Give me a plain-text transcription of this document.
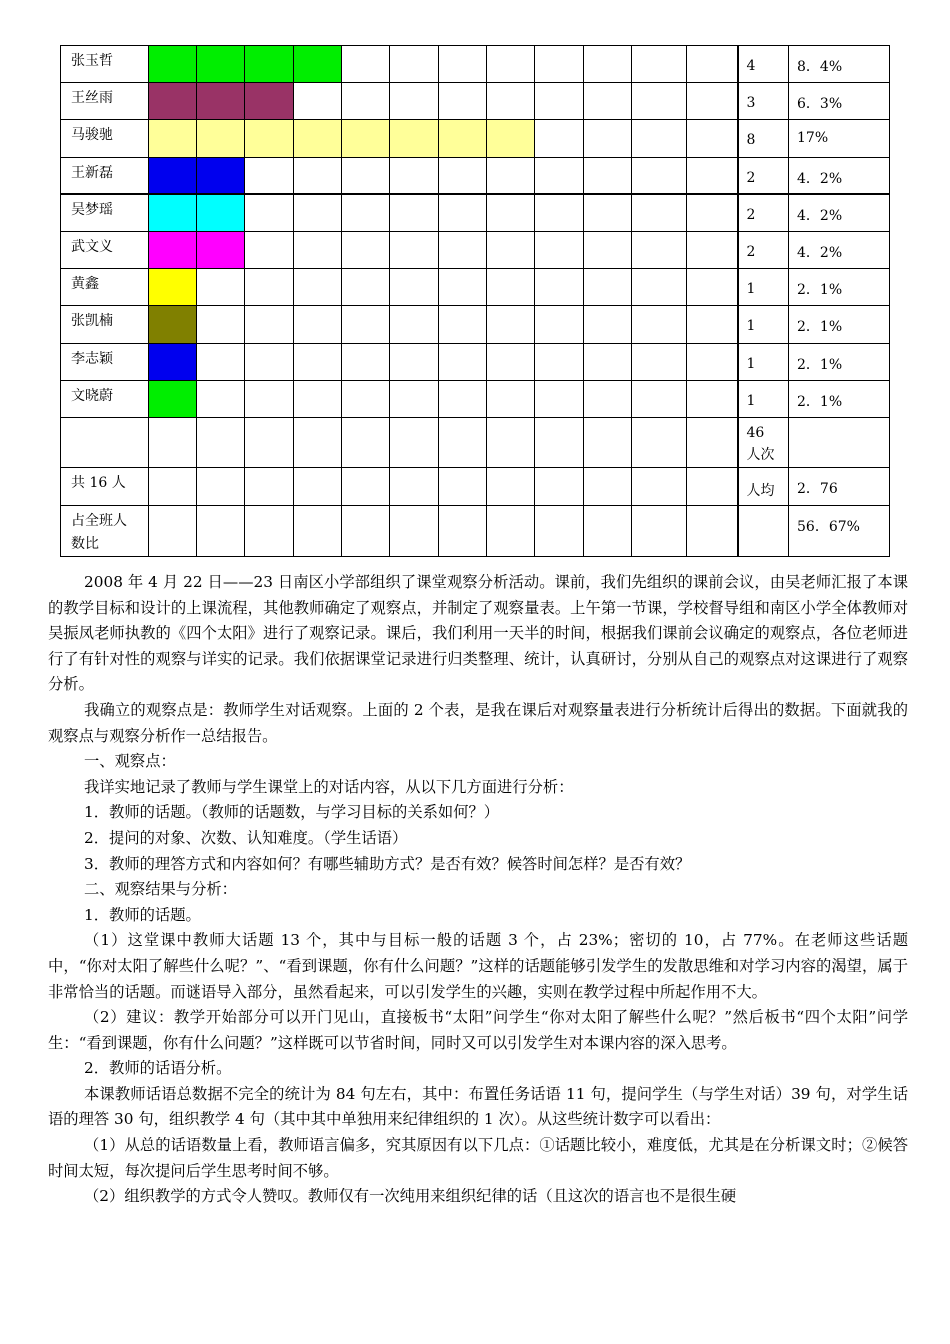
张玉哲													4	8．4%

王丝雨													3	6．3%

马骏驰													8	17%

王新磊													2	4．2%

吴梦瑶													2	4．2%

武文义													2	4．2%

黄鑫													1	2．1%

张凯楠													1	2．1%

李志颖													1	2．1%

文晓蔚													1	2．1%

													46
人次	

共 16 人													人均	2．76

占全班人
数比														56．67%

2008 年 4 月 22 日——23 日南区小学部组织了课堂观察分析活动。课前，我们先组织的课前会议，由吴老师汇报了本课的教学目标和设计的上课流程，其他教师确定了观察点，并制定了观察量表。上午第一节课，学校督导组和南区小学全体教师对吴振凤老师执教的《四个太阳》进行了观察记录。课后，我们利用一天半的时间，根据我们课前会议确定的观察点，各位老师进行了有针对性的观察与详实的记录。我们依据课堂记录进行归类整理、统计，认真研讨，分别从自己的观察点对这课进行了观察分析。

我确立的观察点是：教师学生对话观察。上面的 2 个表，是我在课后对观察量表进行分析统计后得出的数据。下面就我的观察点与观察分析作一总结报告。

一、观察点：

我详实地记录了教师与学生课堂上的对话内容，从以下几方面进行分析：

1．教师的话题。（教师的话题数，与学习目标的关系如何？）

2．提问的对象、次数、认知难度。（学生话语）

3．教师的理答方式和内容如何？有哪些辅助方式？是否有效？候答时间怎样？是否有效？

二、观察结果与分析：

1．教师的话题。

（1）这堂课中教师大话题 13 个，其中与目标一般的话题 3 个，占 23%；密切的 10，占 77%。在老师这些话题中，“你对太阳了解些什么呢？”、“看到课题，你有什么问题？”这样的话题能够引发学生的发散思维和对学习内容的渴望，属于非常恰当的话题。而谜语导入部分，虽然看起来，可以引发学生的兴趣，实则在教学过程中所起作用不大。

（2）建议：教学开始部分可以开门见山，直接板书“太阳”问学生“你对太阳了解些什么呢？”然后板书“四个太阳”问学生：“看到课题，你有什么问题？”这样既可以节省时间，同时又可以引发学生对本课内容的深入思考。

2．教师的话语分析。

本课教师话语总数据不完全的统计为 84 句左右，其中：布置任务话语 11 句，提问学生（与学生对话）39 句，对学生话语的理答 30 句，组织教学 4 句（其中其中单独用来纪律组织的 1 次）。从这些统计数字可以看出：

（1）从总的话语数量上看，教师语言偏多，究其原因有以下几点：①话题比较小，难度低，尤其是在分析课文时；②候答时间太短，每次提问后学生思考时间不够。

（2）组织教学的方式令人赞叹。教师仅有一次纯用来组织纪律的话（且这次的语言也不是很生硬
